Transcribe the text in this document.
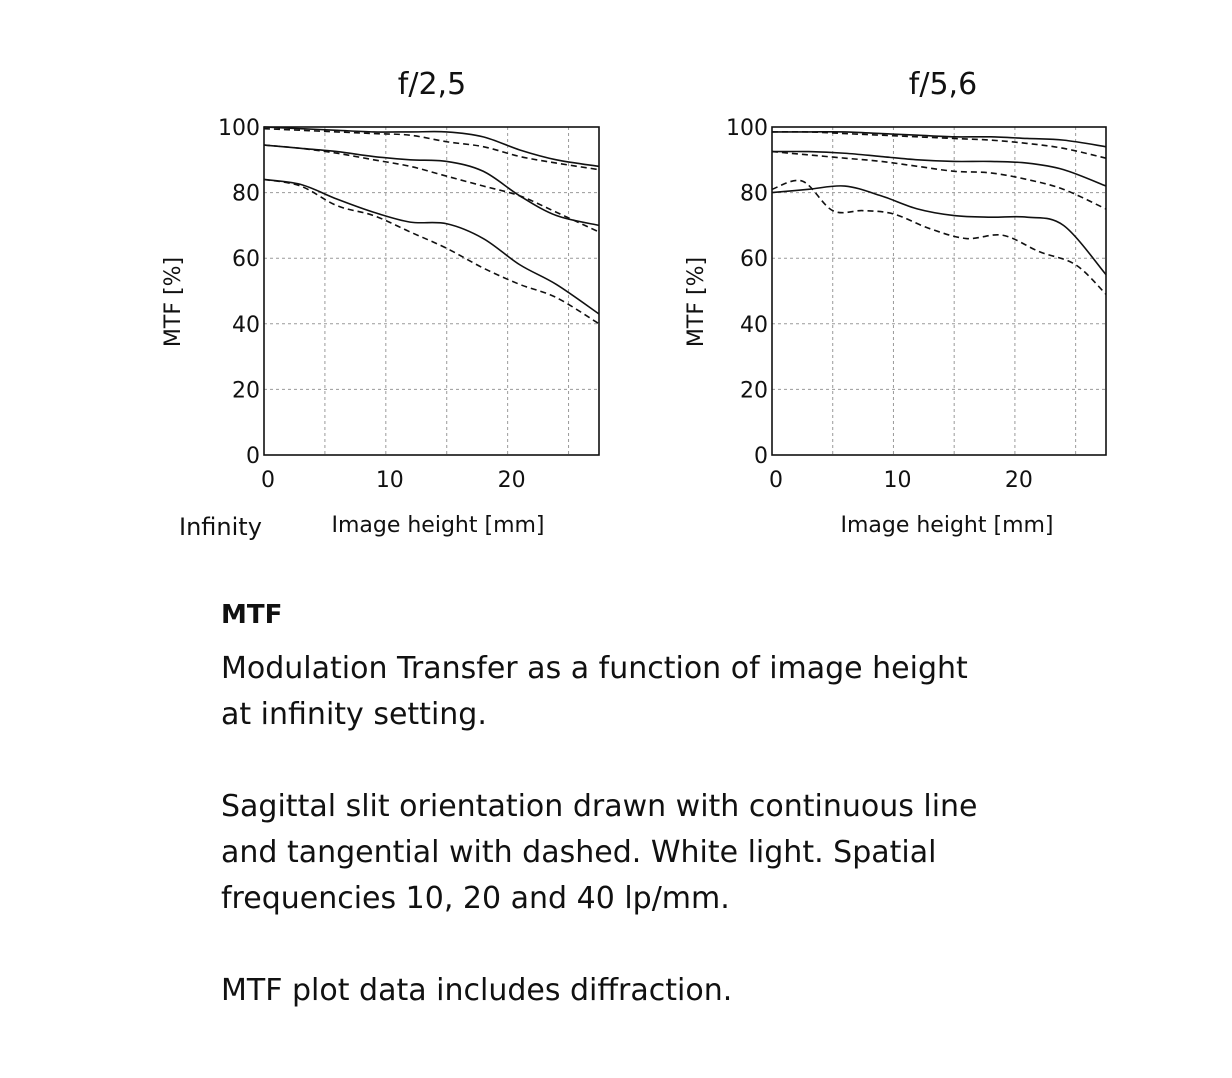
0
20
40
60
80
100
0	10	20
f/2,5
MTF [%]
Image height [mm]
0
20
40
60
80
100
0	10	20
f/5,6
MTF [%]
Image height [mm]
Infinity
MTF

Modulation Transfer as a function of image height at infinity setting.

Sagittal slit orientation drawn with continuous line and tangential with dashed. White light. Spatial frequencies 10, 20 and 40 lp/mm.

MTF plot data includes diffraction.
